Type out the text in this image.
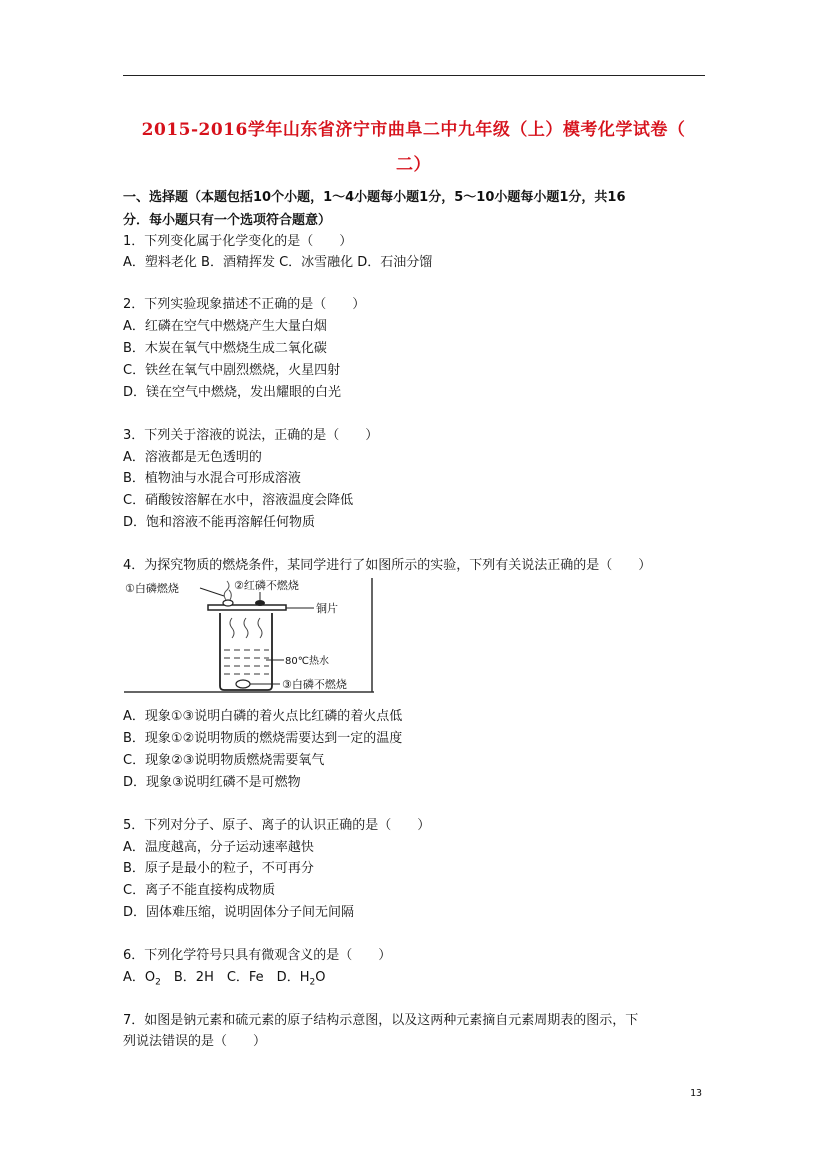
2015-2016学年山东省济宁市曲阜二中九年级（上）模考化学试卷（
二）
一、选择题（本题包括10个小题，1～4小题每小题1分，5～10小题每小题1分，共16
分．每小题只有一个选项符合题意）
1．下列变化属于化学变化的是（　　）
A．塑料老化 B．酒精挥发 C．冰雪融化 D．石油分馏
2．下列实验现象描述不正确的是（　　）
A．红磷在空气中燃烧产生大量白烟
B．木炭在氧气中燃烧生成二氧化碳
C．铁丝在氧气中剧烈燃烧，火星四射
D．镁在空气中燃烧，发出耀眼的白光
3．下列关于溶液的说法，正确的是（　　）
A．溶液都是无色透明的
B．植物油与水混合可形成溶液
C．硝酸铵溶解在水中，溶液温度会降低
D．饱和溶液不能再溶解任何物质
4．为探究物质的燃烧条件，某同学进行了如图所示的实验，下列有关说法正确的是（　　）
②红磷不燃烧
①白磷燃烧
铜片
80℃热水
③白磷不燃烧
A．现象①③说明白磷的着火点比红磷的着火点低
B．现象①②说明物质的燃烧需要达到一定的温度
C．现象②③说明物质燃烧需要氧气
D．现象③说明红磷不是可燃物
5．下列对分子、原子、离子的认识正确的是（　　）
A．温度越高，分子运动速率越快
B．原子是最小的粒子，不可再分
C．离子不能直接构成物质
D．固体难压缩，说明固体分子间无间隔
6．下列化学符号只具有微观含义的是（　　）
A．$O_2$　B．2H　C．Fe　D．$H_2O$
7．如图是钠元素和硫元素的原子结构示意图，以及这两种元素摘自元素周期表的图示，下
列说法错误的是（　　）
13
